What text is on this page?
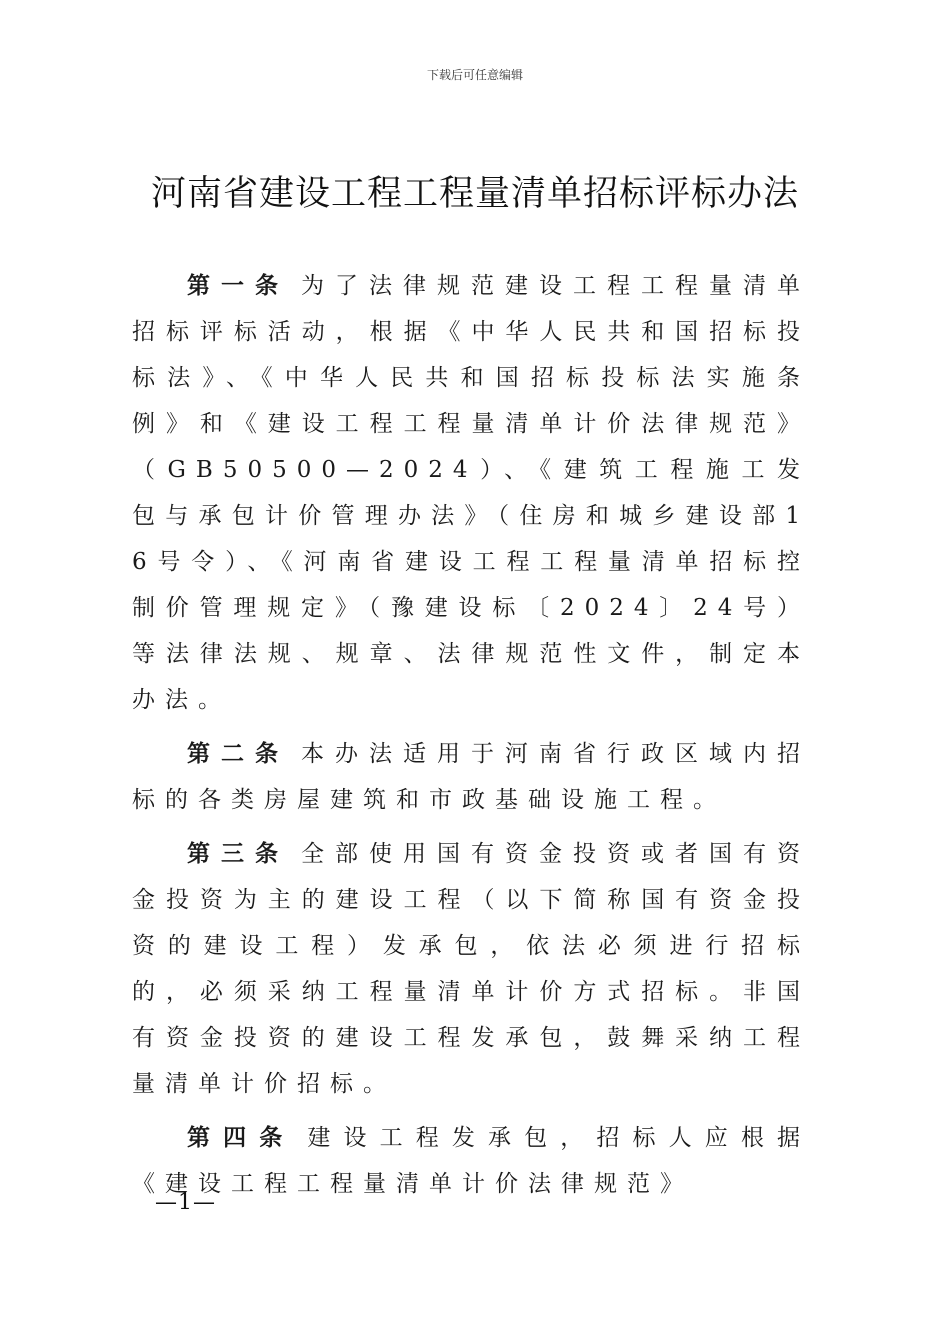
下载后可任意编辑
河南省建设工程工程量清单招标评标办法

第一条 为了法律规范建设工程工程量清单招标评标活动，根据《中华人民共和国招标投标法》、《中华人民共和国招标投标法实施条例》和《建设工程工程量清单计价法律规范》（GB50500—2024）、《建筑工程施工发包与承包计价管理办法》（住房和城乡建设部16号令）、《河南省建设工程工程量清单招标控制价管理规定》（豫建设标〔2024〕24号）等法律法规、规章、法律规范性文件，制定本办法。

第二条 本办法适用于河南省行政区域内招标的各类房屋建筑和市政基础设施工程。

第三条 全部使用国有资金投资或者国有资金投资为主的建设工程（以下简称国有资金投资的建设工程）发承包，依法必须进行招标的，必须采纳工程量清单计价方式招标。非国有资金投资的建设工程发承包，鼓舞采纳工程量清单计价招标。

第四条 建设工程发承包，招标人应根据《建设工程工程量清单计价法律规范》

—1—
